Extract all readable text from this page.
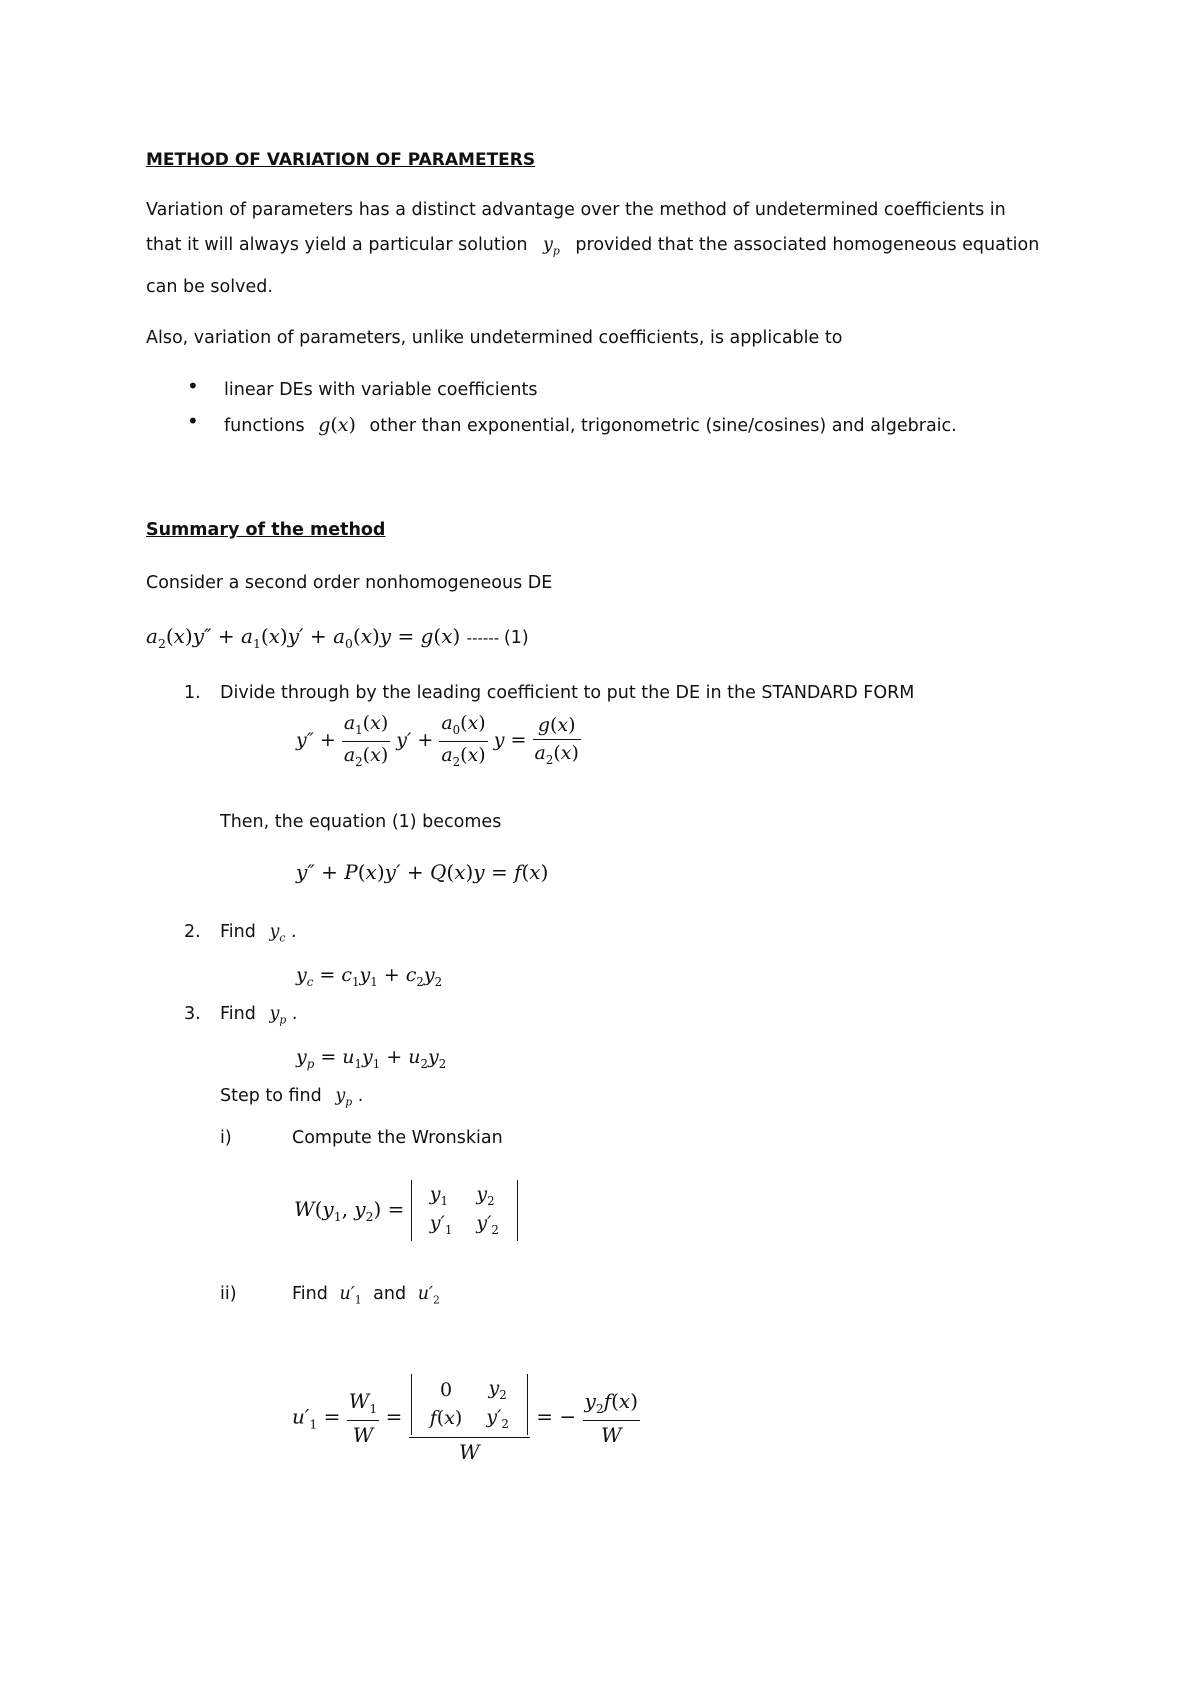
METHOD OF VARIATION OF PARAMETERS
Variation of parameters has a distinct advantage over the method of undetermined coefficients in
that it will always yield a particular solution $y_p$ provided that the associated homogeneous equation
can be solved.
Also, variation of parameters, unlike undetermined coefficients, is applicable to
• linear DEs with variable coefficients
• functions g(x) other than exponential, trigonometric (sine/cosines) and algebraic.
Summary of the method
Consider a second order nonhomogeneous DE
$a_2(x)y'' + a_1(x)y' + a_0(x)y = g(x)$ ------ (1)
1. Divide through by the leading coefficient to put the DE in the STANDARD FORM
$y'' + \frac{a_1(x)}{a_2(x)} y' + \frac{a_0(x)}{a_2(x)}$ $y = \frac{g(x)}{a_2(x)}$
Then, the equation (1) becomes
y″ + P(x)y′ + Q(x)y = f(x)
2. Find $y_c$ .
$y_c = c_1y_1 + c_2y_2$
3. Find $y_p$ .
$y_p = u_1y_1 + u_2y_2$
Step to find $y_p$ .
i)	Compute the Wronskian
$W(y_1$, $y_2$) =
$y_1$	$y_2$
$y'_1$	$y'_2$
ii)	Find $u'_1$ and $u'_2$
$u'_1 = \frac{W_1}{W} = 0$	$y_2$
f(x)	$y'_2$
W = − $\frac{y_2f(x)}{W}$
